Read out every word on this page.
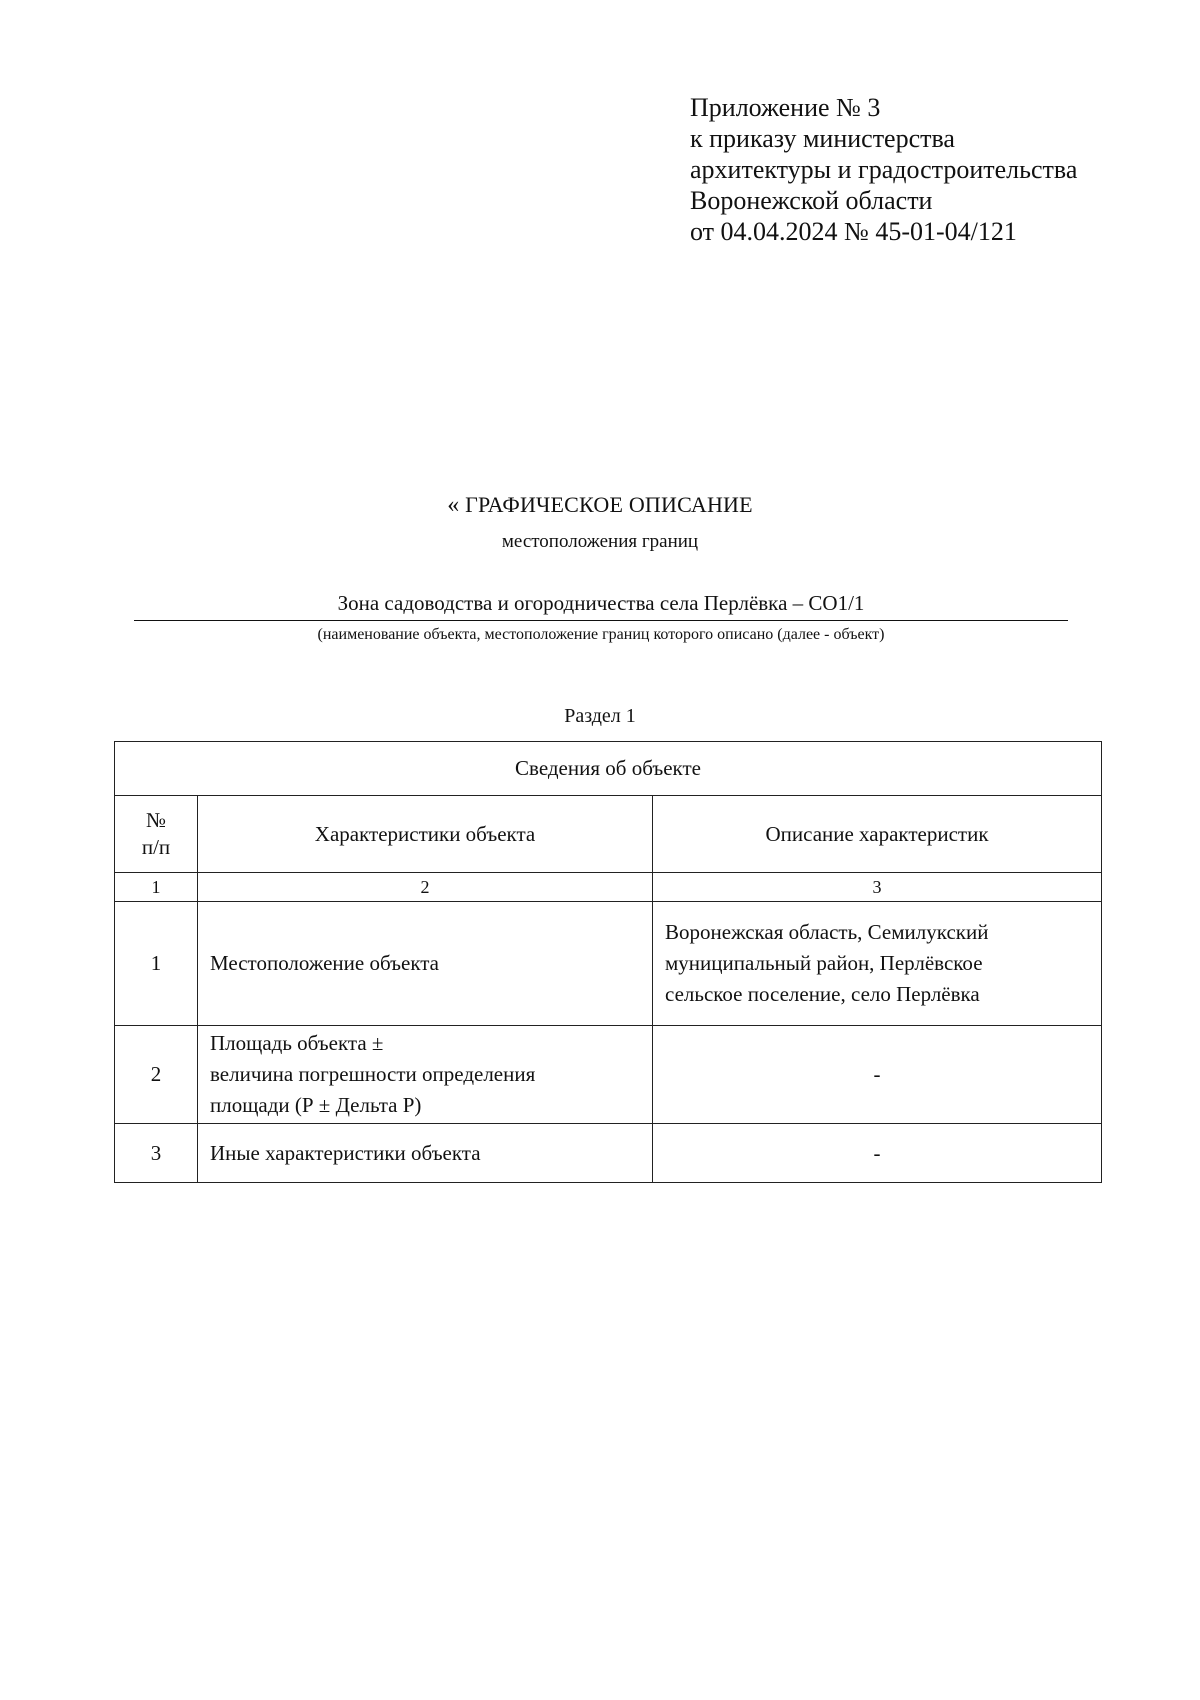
Приложение № 3
к приказу министерства
архитектуры и градостроительства
Воронежской области
от 04.04.2024 № 45-01-04/121
« ГРАФИЧЕСКОЕ ОПИСАНИЕ
местоположения границ
Зона садоводства и огородничества села Перлёвка – СО1/1
(наименование объекта, местоположение границ которого описано (далее - объект)
Раздел 1
Сведения об объекте		

№
п/п	Характеристики объекта	Описание характеристик
1	2	3
1	Местоположение объекта	Воронежская область, Семилукский
муниципальный район, Перлёвское
сельское поселение, село Перлёвка

2	Площадь объекта ±
величина погрешности определения
площади (Р ± Дельта Р)	-

3	Иные характеристики объекта	-
